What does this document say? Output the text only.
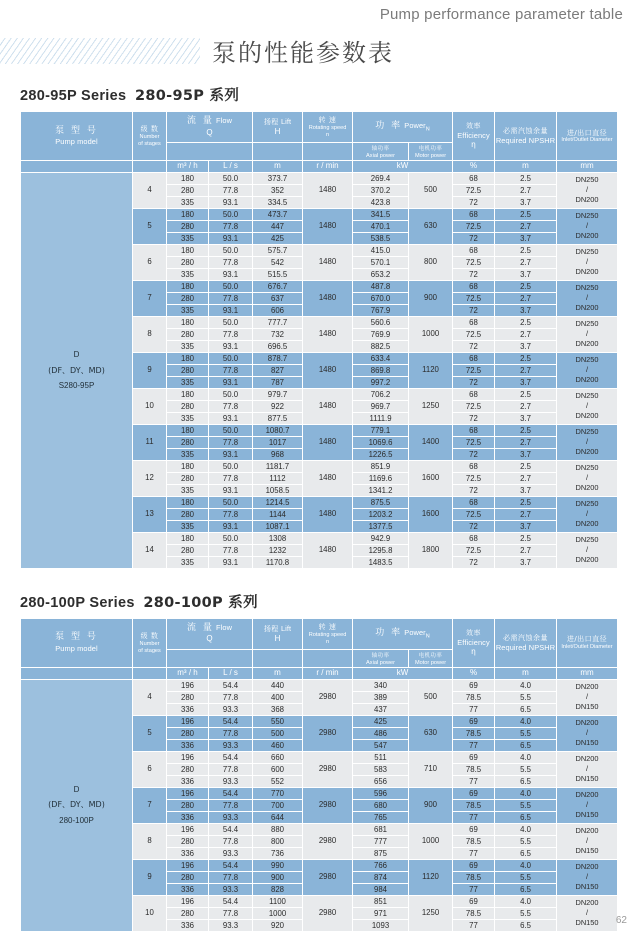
Pump performance parameter table
泵的性能参数表
280-95P Series 280-95P 系列
泵 型 号
Pump model
	级 数
Number
of stages

流 量 Flow
Q

扬程 Lift
H
	转 速
Rotating speed
n
	功 率 Power$_N$	效率
Efficiency
η
	必需汽蚀余量
Required NPSHR
	进/出口直径
Inlet/Outlet Diameter

			轴功率
Axial power
	电机功率
Motor power

		m³ / h	L / s	m	r / min	kW		%	m	mm	

D
(DF、DY、MD)
S280-95P
	4	180	50.0	373.7	1480	269.4	500	68	2.5	DN250
/
DN200

		280	77.8	352		370.2		72.5	2.7		
		335	93.1	334.5		423.8		72	3.7		
	5	180	50.0	473.7	1480	341.5	630	68	2.5	DN250
/
DN200

		280	77.8	447		470.1		72.5	2.7		
		335	93.1	425		538.5		72	3.7		
	6	180	50.0	575.7	1480	415.0	800	68	2.5	DN250
/
DN200

		280	77.8	542		570.1		72.5	2.7		
		335	93.1	515.5		653.2		72	3.7		
	7	180	50.0	676.7	1480	487.8	900	68	2.5	DN250
/
DN200

		280	77.8	637		670.0		72.5	2.7		
		335	93.1	606		767.9		72	3.7		
	8	180	50.0	777.7	1480	560.6	1000	68	2.5	DN250
/
DN200

		280	77.8	732		769.9		72.5	2.7		
		335	93.1	696.5		882.5		72	3.7		
	9	180	50.0	878.7	1480	633.4	1120	68	2.5	DN250
/
DN200

		280	77.8	827		869.8		72.5	2.7		
		335	93.1	787		997.2		72	3.7		
	10	180	50.0	979.7	1480	706.2	1250	68	2.5	DN250
/
DN200

		280	77.8	922		969.7		72.5	2.7		
		335	93.1	877.5		1111.9		72	3.7		
	11	180	50.0	1080.7	1480	779.1	1400	68	2.5	DN250
/
DN200

		280	77.8	1017		1069.6		72.5	2.7		
		335	93.1	968		1226.5		72	3.7		
	12	180	50.0	1181.7	1480	851.9	1600	68	2.5	DN250
/
DN200

		280	77.8	1112		1169.6		72.5	2.7		
		335	93.1	1058.5		1341.2		72	3.7		
	13	180	50.0	1214.5	1480	875.5	1600	68	2.5	DN250
/
DN200

		280	77.8	1144		1203.2		72.5	2.7		
		335	93.1	1087.1		1377.5		72	3.7		
	14	180	50.0	1308	1480	942.9	1800	68	2.5	DN250
/
DN200

		280	77.8	1232		1295.8		72.5	2.7		
		335	93.1	1170.8		1483.5		72	3.7		
280-100P Series 280-100P 系列
泵 型 号
Pump model
	级 数
Number
of stages

流 量 Flow
Q

扬程 Lift
H
	转 速
Rotating speed
n
	功 率 Power$_N$	效率
Efficiency
η
	必需汽蚀余量
Required NPSHR
	进/出口直径
Inlet/Outlet Diameter

			轴功率
Axial power
	电机功率
Motor power

		m³ / h	L / s	m	r / min	kW		%	m	mm	

D
(DF、DY、MD)
280-100P
	4	196	54.4	440	2980	340	500	69	4.0	DN200
/
DN150

		280	77.8	400		389		78.5	5.5		
		336	93.3	368		437		77	6.5		
	5	196	54.4	550	2980	425	630	69	4.0	DN200
/
DN150

		280	77.8	500		486		78.5	5.5		
		336	93.3	460		547		77	6.5		
	6	196	54.4	660	2980	511	710	69	4.0	DN200
/
DN150

		280	77.8	600		583		78.5	5.5		
		336	93.3	552		656		77	6.5		
	7	196	54.4	770	2980	596	900	69	4.0	DN200
/
DN150

		280	77.8	700		680		78.5	5.5		
		336	93.3	644		765		77	6.5		
	8	196	54.4	880	2980	681	1000	69	4.0	DN200
/
DN150

		280	77.8	800		777		78.5	5.5		
		336	93.3	736		875		77	6.5		
	9	196	54.4	990	2980	766	1120	69	4.0	DN200
/
DN150

		280	77.8	900		874		78.5	5.5		
		336	93.3	828		984		77	6.5		
	10	196	54.4	1100	2980	851	1250	69	4.0	DN200
/
DN150

		280	77.8	1000		971		78.5	5.5		
		336	93.3	920		1093		77	6.5			62
